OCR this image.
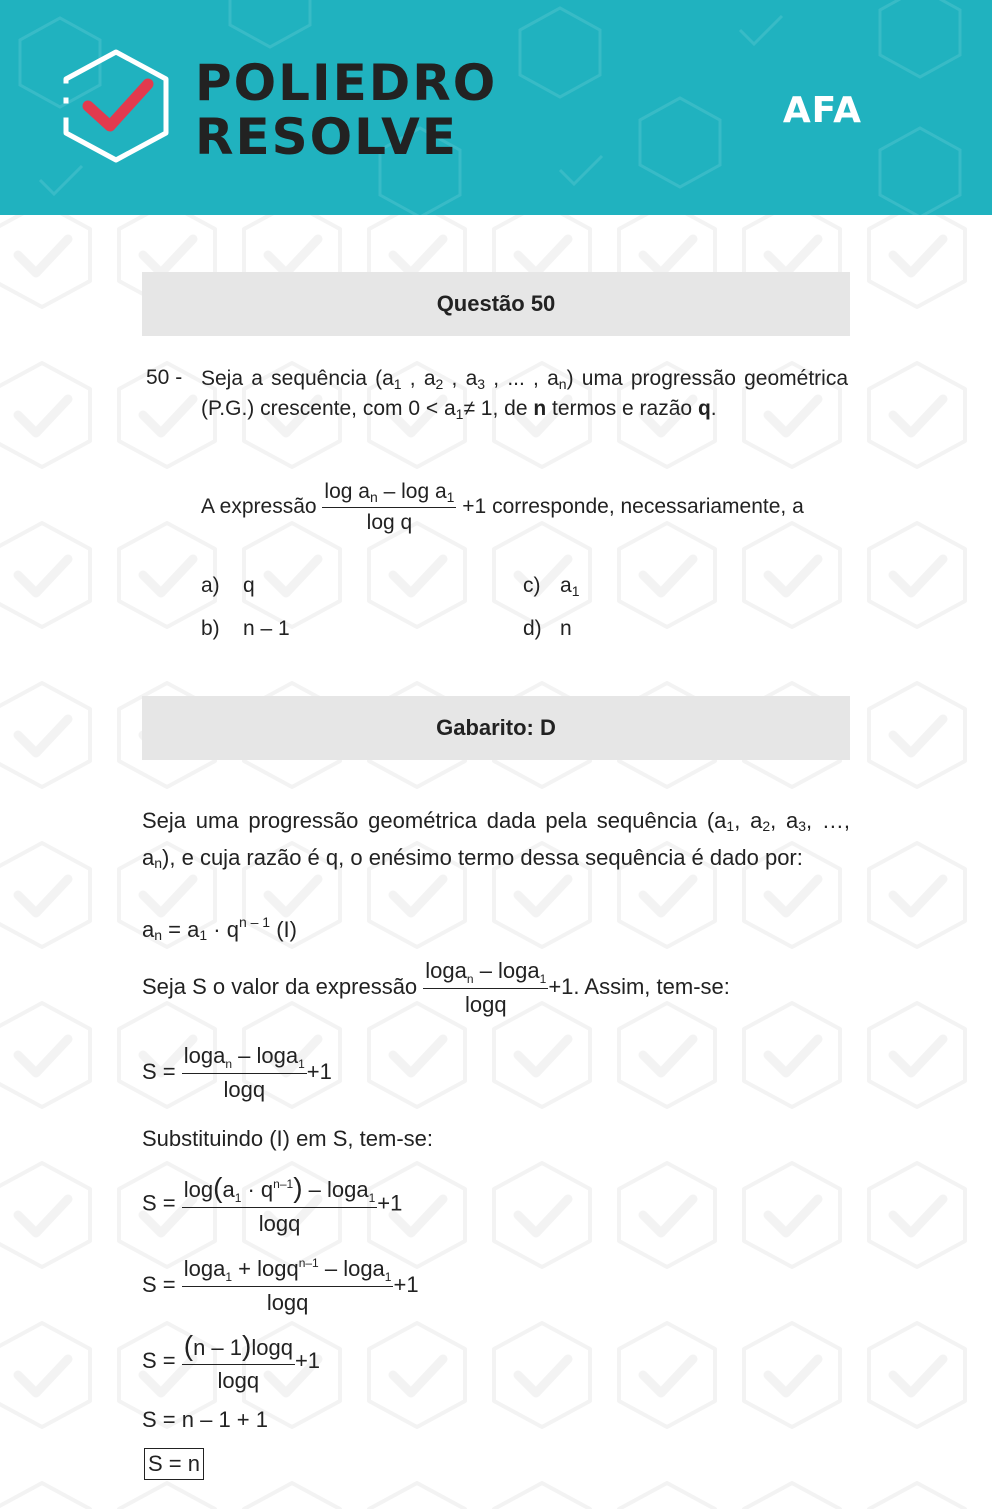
POLIEDRO
RESOLVE	AFA
Questão 50
50 - Seja a sequência ($a_1$ , $a_2$ , $a_3$ , ... , $a_n$) uma progressão geométrica (P.G.) crescente, com $0 < a_1\ne 1$, de n termos e razão q.
A expressão $\frac{\log a_n - \log a_1}{\text{log q}} +1$ corresponde, necessariamente, a
a) q
b) n – 1
c) $a_1$
d) n
Gabarito: D
Seja uma progressão geométrica dada pela sequência ($a_1$, $a_2$, $a_3$, …, $a_n$), e cuja razão é q, o enésimo termo dessa sequência é dado por:
$a_n = a_1 \cdot q^{n - 1}$ (I)
Seja S o valor da expressão $\frac{\log a_n - \log a_1}{\log q} +1$. Assim, tem-se:
$S = \frac{\log a_n - \log a_1}{\log q} +1$
Substituindo (I) em S, tem-se:
$S = \frac{\log(a_1 \cdot q^{n-1}) - \log a_1}{\log q} +1$
$S = \frac{\log a_1 + \log q^{n-1} - \log a_1}{\log q} +1$
$S = \frac{(n - 1)\log q}{\log q} +1$
S = n – 1 + 1
S = n
